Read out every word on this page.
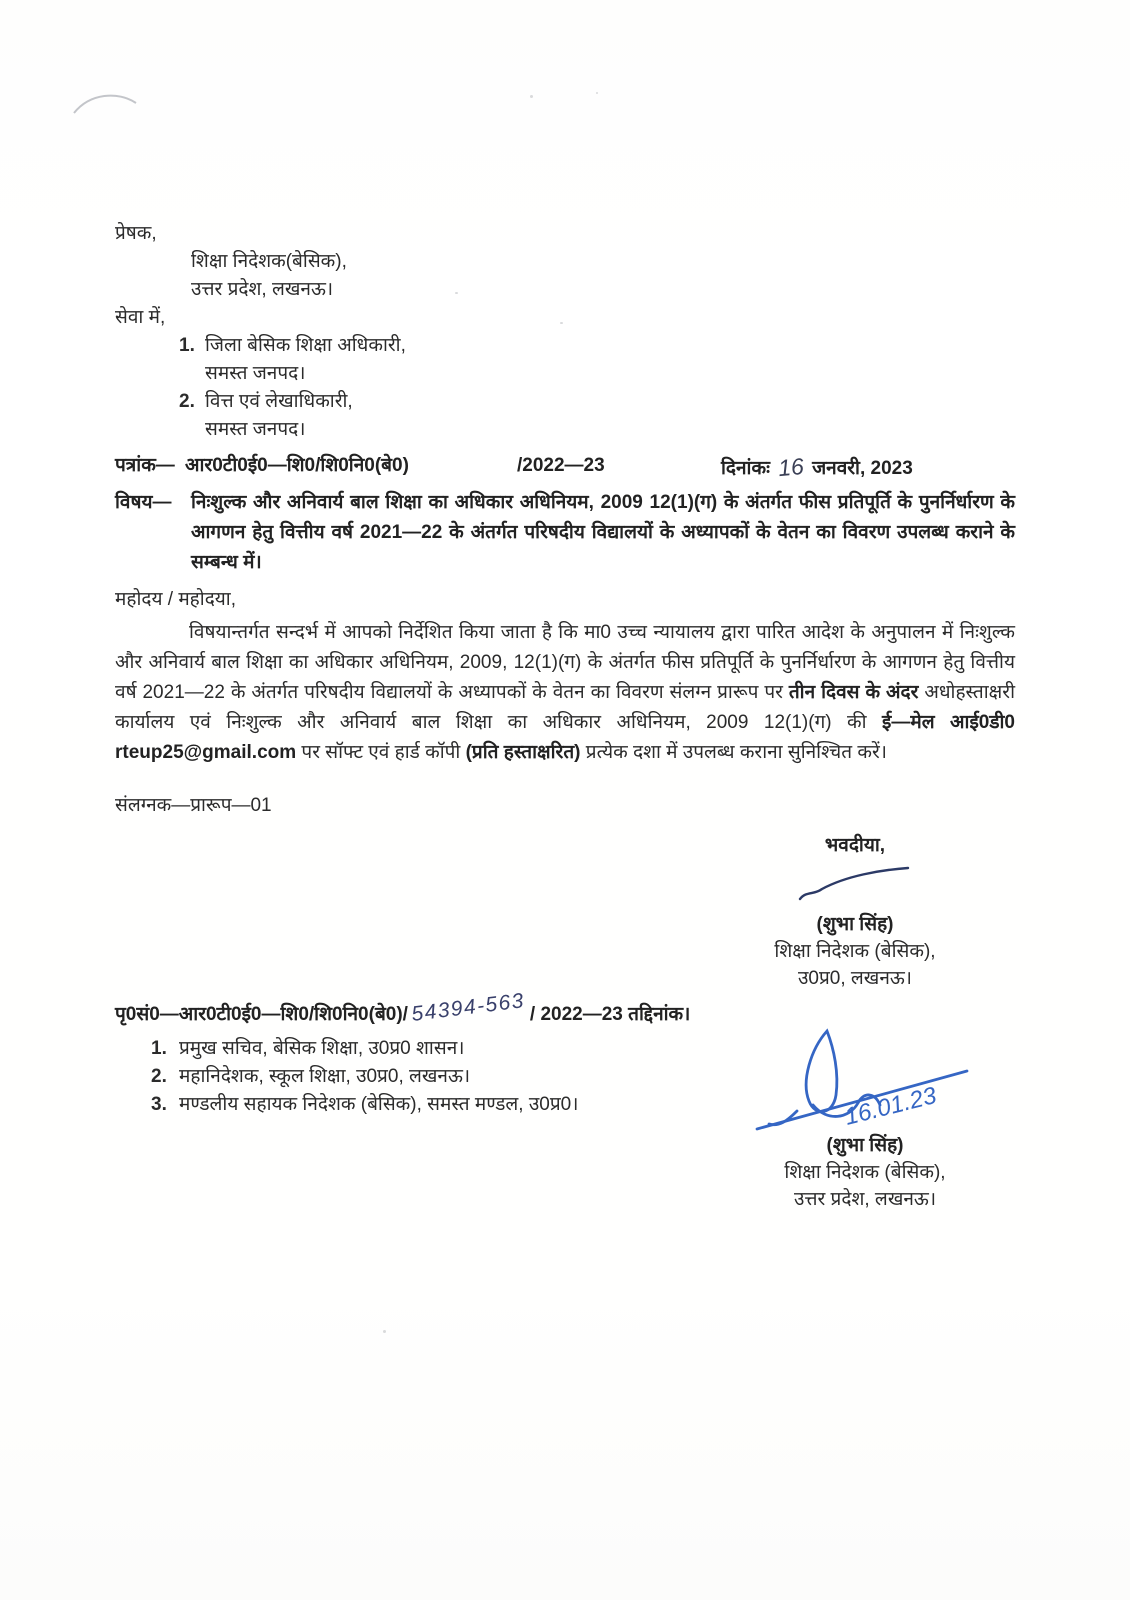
प्रेषक,
शिक्षा निदेशक(बेसिक),
उत्तर प्रदेश, लखनऊ।
सेवा में,
1. जिला बेसिक शिक्षा अधिकारी,
समस्त जनपद।
2. वित्त एवं लेखाधिकारी,
समस्त जनपद।
पत्रांक— आर0टी0ई0—शि0/शि0नि0(बे0)	/2022—23	दिनांकः 16 जनवरी, 2023
विषय—	निःशुल्क और अनिवार्य बाल शिक्षा का अधिकार अधिनियम, 2009 12(1)(ग) के अंतर्गत फीस प्रतिपूर्ति के पुनर्निर्धारण के आगणन हेतु वित्तीय वर्ष 2021—22 के अंतर्गत परिषदीय विद्यालयों के अध्यापकों के वेतन का विवरण उपलब्ध कराने के सम्बन्ध में।
महोदय / महोदया,

विषयान्तर्गत सन्दर्भ में आपको निर्देशित किया जाता है कि मा0 उच्च न्यायालय द्वारा पारित आदेश के अनुपालन में निःशुल्क और अनिवार्य बाल शिक्षा का अधिकार अधिनियम, 2009, 12(1)(ग) के अंतर्गत फीस प्रतिपूर्ति के पुनर्निर्धारण के आगणन हेतु वित्तीय वर्ष 2021—22 के अंतर्गत परिषदीय विद्यालयों के अध्यापकों के वेतन का विवरण संलग्न प्रारूप पर तीन दिवस के अंदर अधोहस्ताक्षरी कार्यालय एवं निःशुल्क और अनिवार्य बाल शिक्षा का अधिकार अधिनियम, 2009 12(1)(ग) की ई—मेल आई0डी0 rteup25@gmail.com पर सॉफ्ट एवं हार्ड कॉपी (प्रति हस्ताक्षरित) प्रत्येक दशा में उपलब्ध कराना सुनिश्चित करें।

संलग्नक—प्रारूप—01
भवदीया,
(शुभा सिंह)
शिक्षा निदेशक (बेसिक),
उ0प्र0, लखनऊ।
पृ0सं0—आर0टी0ई0—शि0/शि0नि0(बे0)/ 54394-563 / 2022—23 तद्दिनांक।
1. प्रमुख सचिव, बेसिक शिक्षा, उ0प्र0 शासन।
2. महानिदेशक, स्कूल शिक्षा, उ0प्र0, लखनऊ।
3. मण्डलीय सहायक निदेशक (बेसिक), समस्त मण्डल, उ0प्र0।	16.01.23
(शुभा सिंह)
शिक्षा निदेशक (बेसिक),
उत्तर प्रदेश, लखनऊ।
